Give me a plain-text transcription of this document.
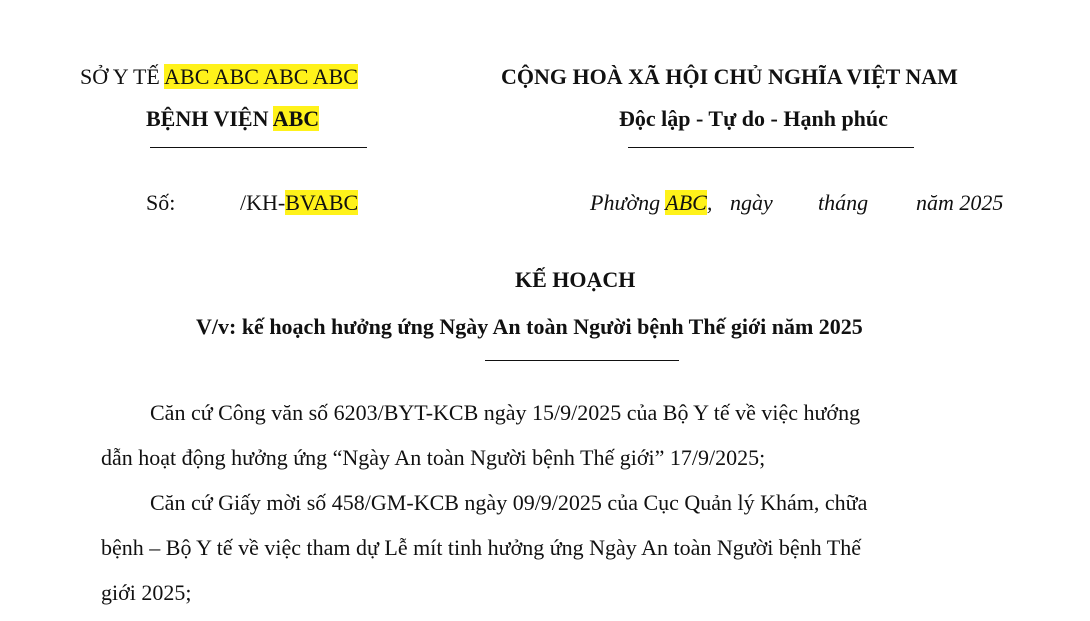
SỞ Y TẾ ABC ABC ABC ABC
BỆNH VIỆN ABC
CỘNG HOÀ XÃ HỘI CHỦ NGHĨA VIỆT NAM
Độc lập - Tự do - Hạnh phúc
Số:	/KH-BVABC	Phường ABC, ngày tháng năm 2025
KẾ HOẠCH
V/v: kế hoạch hưởng ứng Ngày An toàn Người bệnh Thế giới năm 2025
Căn cứ Công văn số 6203/BYT-KCB ngày 15/9/2025 của Bộ Y tế về việc hướng
dẫn hoạt động hưởng ứng “Ngày An toàn Người bệnh Thế giới” 17/9/2025;
Căn cứ Giấy mời số 458/GM-KCB ngày 09/9/2025 của Cục Quản lý Khám, chữa
bệnh – Bộ Y tế về việc tham dự Lễ mít tinh hưởng ứng Ngày An toàn Người bệnh Thế
giới 2025;
